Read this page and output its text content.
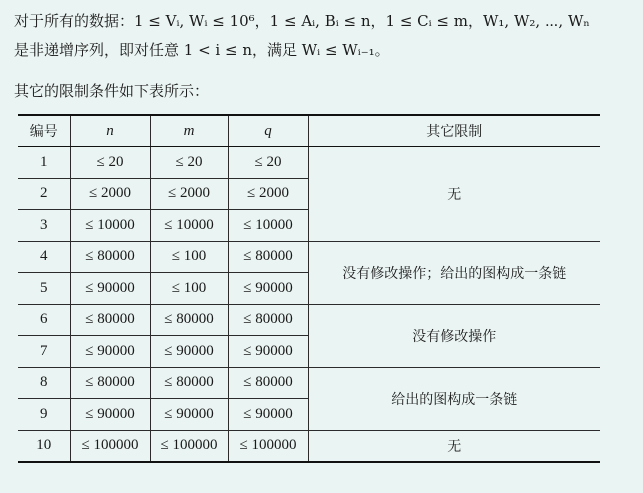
对于所有的数据：1 ≤ Vᵢ, Wᵢ ≤ 10⁶，1 ≤ Aᵢ, Bᵢ ≤ n，1 ≤ Cᵢ ≤ m，W₁, W₂, ⋯, Wₙ
是非递增序列，即对任意 1 < i ≤ n，满足 Wᵢ ≤ Wᵢ₋₁。
其它的限制条件如下表所示：
编号	n	m	q	其它限制
1	≤ 20	≤ 20	≤ 20	无
2	≤ 2000	≤ 2000	≤ 2000	
3	≤ 10000	≤ 10000	≤ 10000	
4	≤ 80000	≤ 100	≤ 80000	没有修改操作；给出的图构成一条链
5	≤ 90000	≤ 100	≤ 90000	
6	≤ 80000	≤ 80000	≤ 80000	没有修改操作
7	≤ 90000	≤ 90000	≤ 90000	
8	≤ 80000	≤ 80000	≤ 80000	给出的图构成一条链
9	≤ 90000	≤ 90000	≤ 90000	
10	≤ 100000	≤ 100000	≤ 100000	无
